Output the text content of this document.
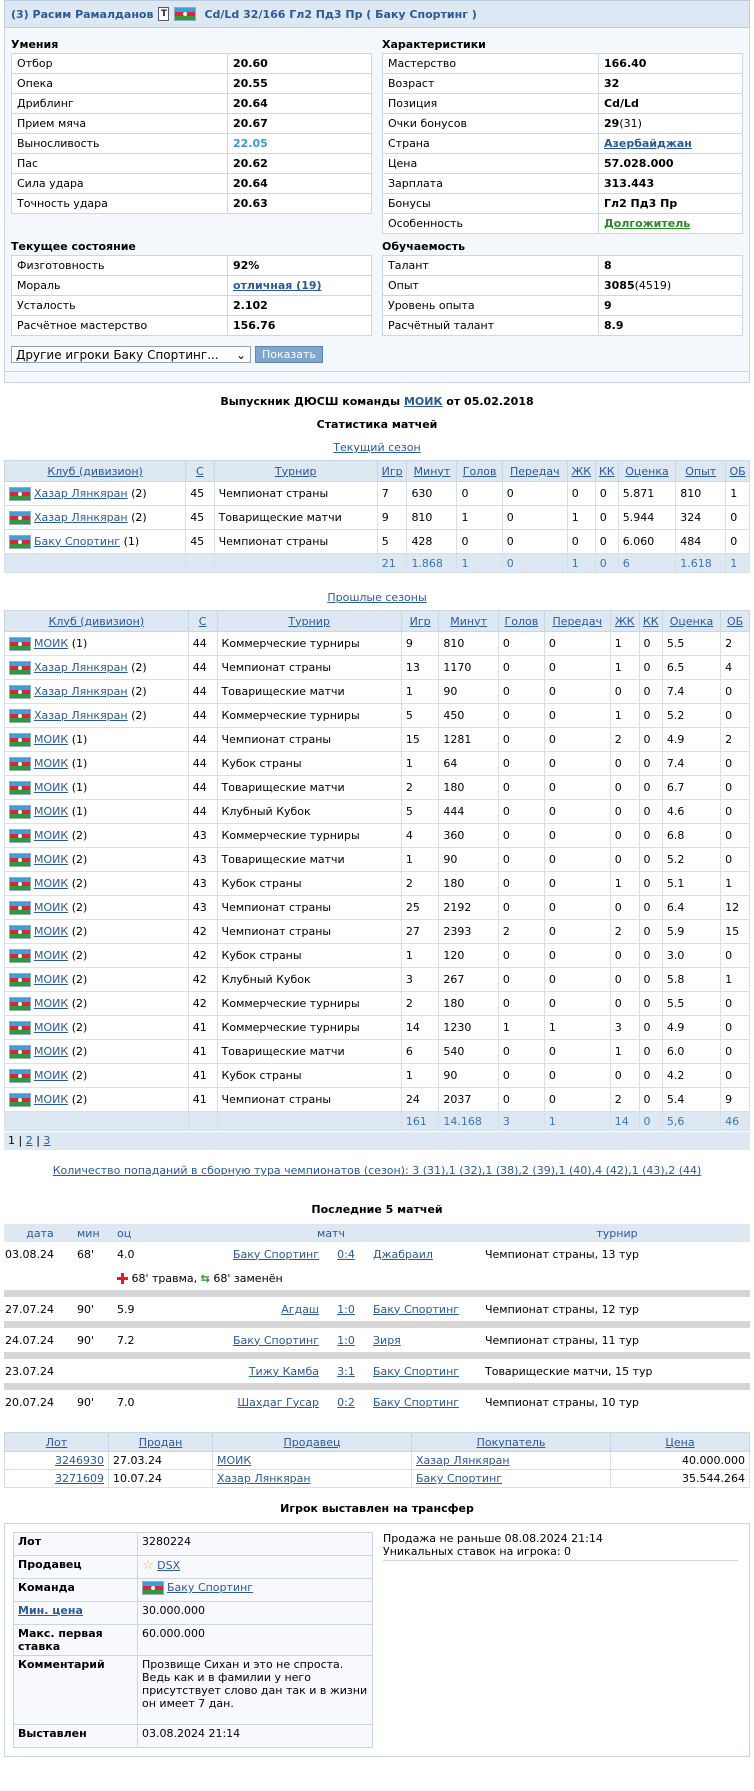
(3) Расим Рамалданов T	Cd/Ld 32/166 Гл2 Пд3 Пр ( Баку Спортинг )
Умения
Отбор	20.60
Опека	20.55
Дриблинг	20.64
Прием мяча	20.67
Выносливость	22.05
Пас	20.62
Сила удара	20.64
Точность удара	20.63
Характеристики
Мастерство	166.40
Возраст	32
Позиция	Cd/Ld
Очки бонусов	29(31)
Страна	Азербайджан
Цена	57.028.000
Зарплата	313.443
Бонусы	Гл2 Пд3 Пр
Особенность	Долгожитель
Текущее состояние
Физготовность	92%
Мораль	отличная (19)
Усталость	2.102
Расчётное мастерство	156.76
Обучаемость
Талант	8
Опыт	3085(4519)
Уровень опыта	9
Расчётный талант	8.9
Другие игроки Баку Спортинг... ⌄	Показать
Выпускник ДЮСШ команды МОИК от 05.02.2018
Статистика матчей
Текущий сезон
Клуб (дивизион)	С	Турнир	Игр	Минут	Голов	Передач	ЖК	КК	Оценка	Опыт	ОБ
Хазар Лянкяран (2)	45	Чемпионат страны	7	630	0	0	0	0	5.871	810	1
Хазар Лянкяран (2)	45	Товарищеские матчи	9	810	1	0	1	0	5.944	324	0
Баку Спортинг (1)	45	Чемпионат страны	5	428	0	0	0	0	6.060	484	0
			21	1.868	1	0	1	0	6	1.618	1
Прошлые сезоны
Клуб (дивизион)	С	Турнир	Игр	Минут	Голов	Передач	ЖК	КК	Оценка	ОБ
МОИК (1)	44	Коммерческие турниры	9	810	0	0	1	0	5.5	2
Хазар Лянкяран (2)	44	Чемпионат страны	13	1170	0	0	1	0	6.5	4
Хазар Лянкяран (2)	44	Товарищеские матчи	1	90	0	0	0	0	7.4	0
Хазар Лянкяран (2)	44	Коммерческие турниры	5	450	0	0	1	0	5.2	0
МОИК (1)	44	Чемпионат страны	15	1281	0	0	2	0	4.9	2
МОИК (1)	44	Кубок страны	1	64	0	0	0	0	7.4	0
МОИК (1)	44	Товарищеские матчи	2	180	0	0	0	0	6.7	0
МОИК (1)	44	Клубный Кубок	5	444	0	0	0	0	4.6	0
МОИК (2)	43	Коммерческие турниры	4	360	0	0	0	0	6.8	0
МОИК (2)	43	Товарищеские матчи	1	90	0	0	0	0	5.2	0
МОИК (2)	43	Кубок страны	2	180	0	0	1	0	5.1	1
МОИК (2)	43	Чемпионат страны	25	2192	0	0	0	0	6.4	12
МОИК (2)	42	Чемпионат страны	27	2393	2	0	2	0	5.9	15
МОИК (2)	42	Кубок страны	1	120	0	0	0	0	3.0	0
МОИК (2)	42	Клубный Кубок	3	267	0	0	0	0	5.8	1
МОИК (2)	42	Коммерческие турниры	2	180	0	0	0	0	5.5	0
МОИК (2)	41	Коммерческие турниры	14	1230	1	1	3	0	4.9	0
МОИК (2)	41	Товарищеские матчи	6	540	0	0	1	0	6.0	0
МОИК (2)	41	Кубок страны	1	90	0	0	0	0	4.2	0
МОИК (2)	41	Чемпионат страны	24	2037	0	0	2	0	5.4	9
			161	14.168	3	1	14	0	5,6	46
1 | 2 | 3
Количество попаданий в сборную тура чемпионатов (сезон): 3 (31),1 (32),1 (38),2 (39),1 (40),4 (42),1 (43),2 (44)
Последние 5 матчей
дата	мин	оц	матч			турнир
03.08.24	68'	4.0	Баку Спортинг	0:4	Джабраил	Чемпионат страны, 13 тур
		68' травма, ⇆ 68' заменён				

27.07.24	90'	5.9	Агдаш	1:0	Баку Спортинг	Чемпионат страны, 12 тур

24.07.24	90'	7.2	Баку Спортинг	1:0	Зиря	Чемпионат страны, 11 тур

23.07.24			Тижу Камба	3:1	Баку Спортинг	Товарищеские матчи, 15 тур

20.07.24	90'	7.0	Шахдаг Гусар	0:2	Баку Спортинг	Чемпионат страны, 10 тур
Лот	Продан	Продавец	Покупатель	Цена
3246930	27.03.24	МОИК	Хазар Лянкяран	40.000.000
3271609	10.07.24	Хазар Лянкяран	Баку Спортинг	35.544.264
Игрок выставлен на трансфер
Лот	3280224
Продавец	☆ DSX
Команда	Баку Спортинг
Мин. цена	30.000.000
Макс. первая ставка	60.000.000
Комментарий	Прозвище Сихан и это не спроста. Ведь как и в фамилии у него присутствует слово дан так и в жизни он имеет 7 дан.
Выставлен	03.08.2024 21:14
Продажа не раньше 08.08.2024 21:14
Уникальных ставок на игрока: 0
